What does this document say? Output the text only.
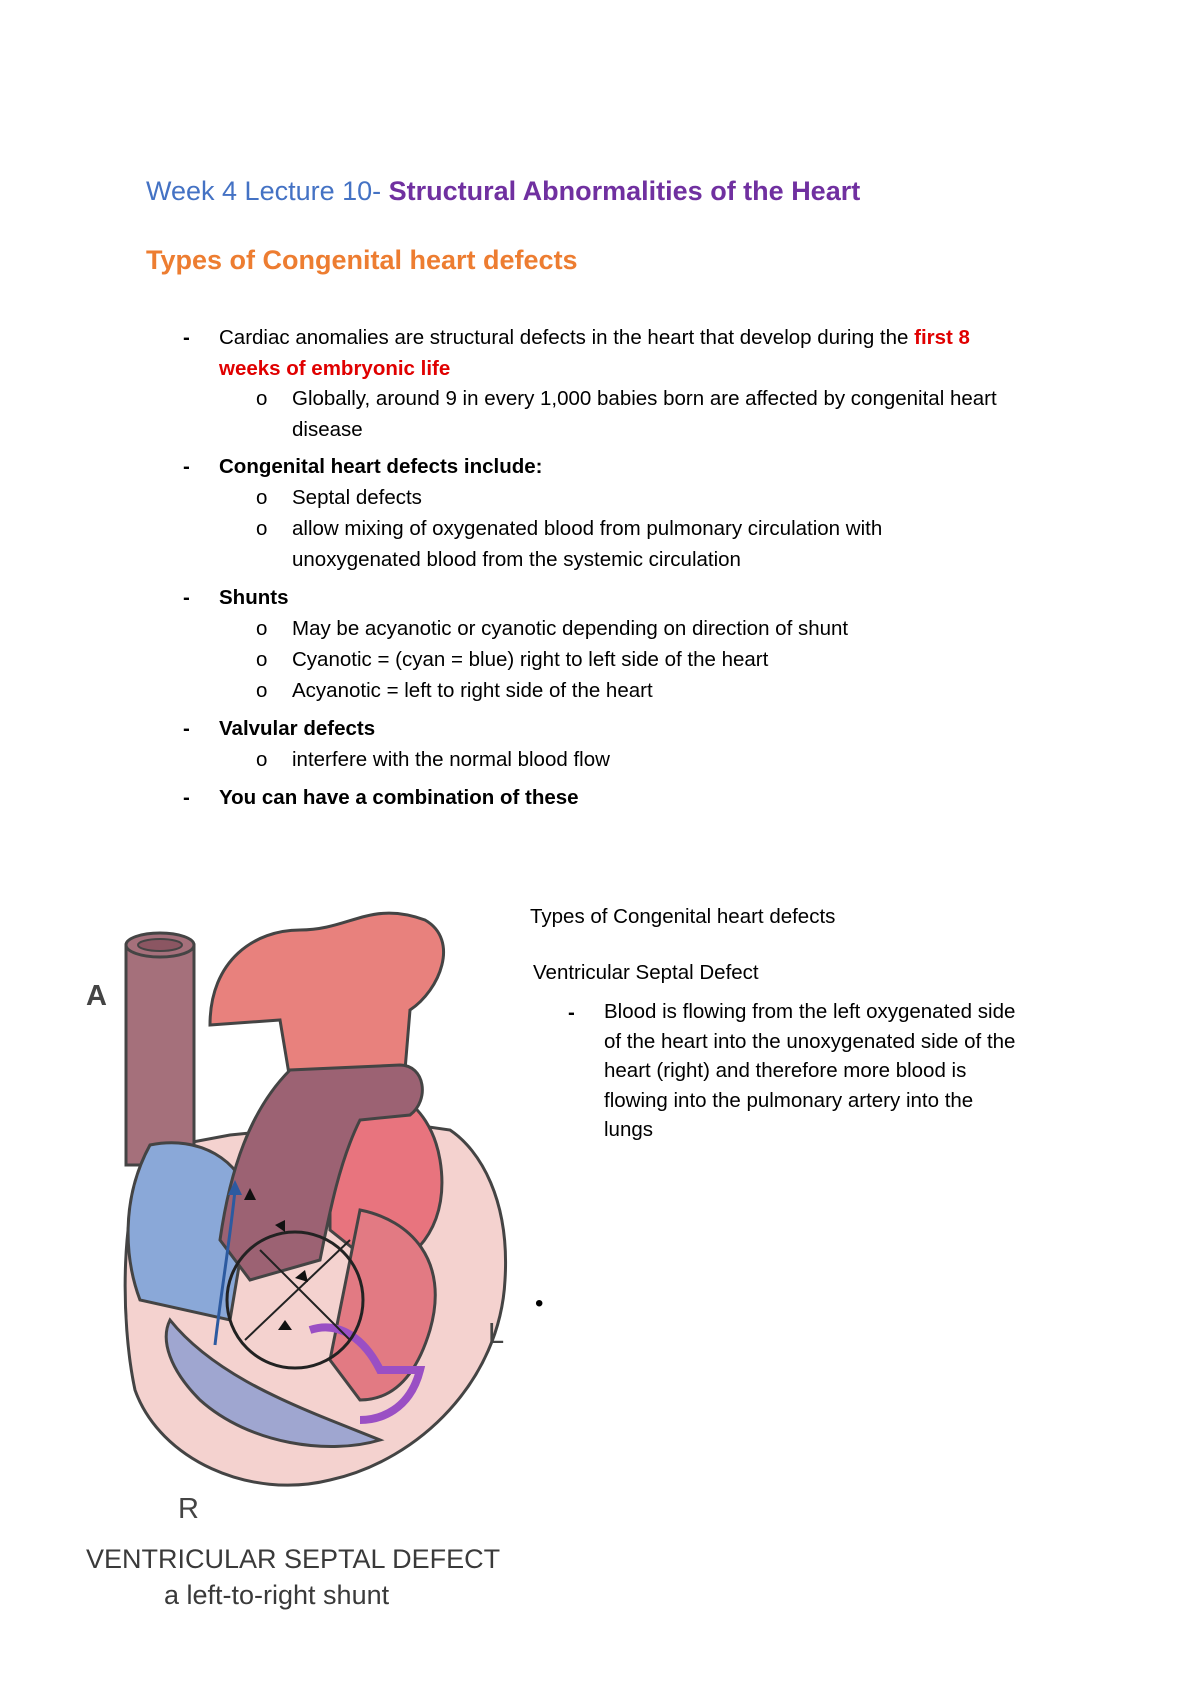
Week 4 Lecture 10- Structural Abnormalities of the Heart
Types of Congenital heart defects
- Cardiac anomalies are structural defects in the heart that develop during the first 8
weeks of embryonic life
o Globally, around 9 in every 1,000 babies born are affected by congenital heart
disease
- Congenital heart defects include:
o Septal defects
o allow mixing of oxygenated blood from pulmonary circulation with
unoxygenated blood from the systemic circulation
- Shunts
o May be acyanotic or cyanotic depending on direction of shunt
o Cyanotic = (cyan = blue) right to left side of the heart
o Acyanotic = left to right side of the heart
- Valvular defects
o interfere with the normal blood flow
- You can have a combination of these
Types of Congenital heart defects
Ventricular Septal Defect
- Blood is flowing from the left oxygenated side
of the heart into the unoxygenated side of the
heart (right) and therefore more blood is
flowing into the pulmonary artery into the
lungs
•
A
L
R
VENTRICULAR SEPTAL DEFECT
a left-to-right shunt
